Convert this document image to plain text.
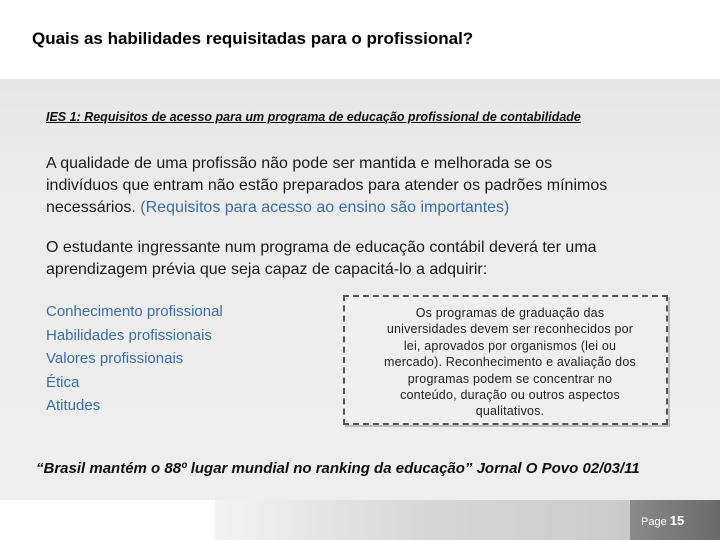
Quais as habilidades requisitadas para o profissional?
IES 1: Requisitos de acesso para um programa de educação profissional de contabilidade
A qualidade de uma profissão não pode ser mantida e melhorada se os
indivíduos que entram não estão preparados para atender os padrões mínimos
necessários. (Requisitos para acesso ao ensino são importantes)
O estudante ingressante num programa de educação contábil deverá ter uma
aprendizagem prévia que seja capaz de capacitá-lo a adquirir:
Conhecimento profissional
Habilidades profissionais
Valores profissionais
Ética
Atitudes
Os programas de graduação das
universidades devem ser reconhecidos por
lei, aprovados por organismos (lei ou
mercado). Reconhecimento e avaliação dos
programas podem se concentrar no
conteúdo, duração ou outros aspectos
qualitativos.
“Brasil mantém o 88º lugar mundial no ranking da educação” Jornal O Povo 02/03/11
Page 15
